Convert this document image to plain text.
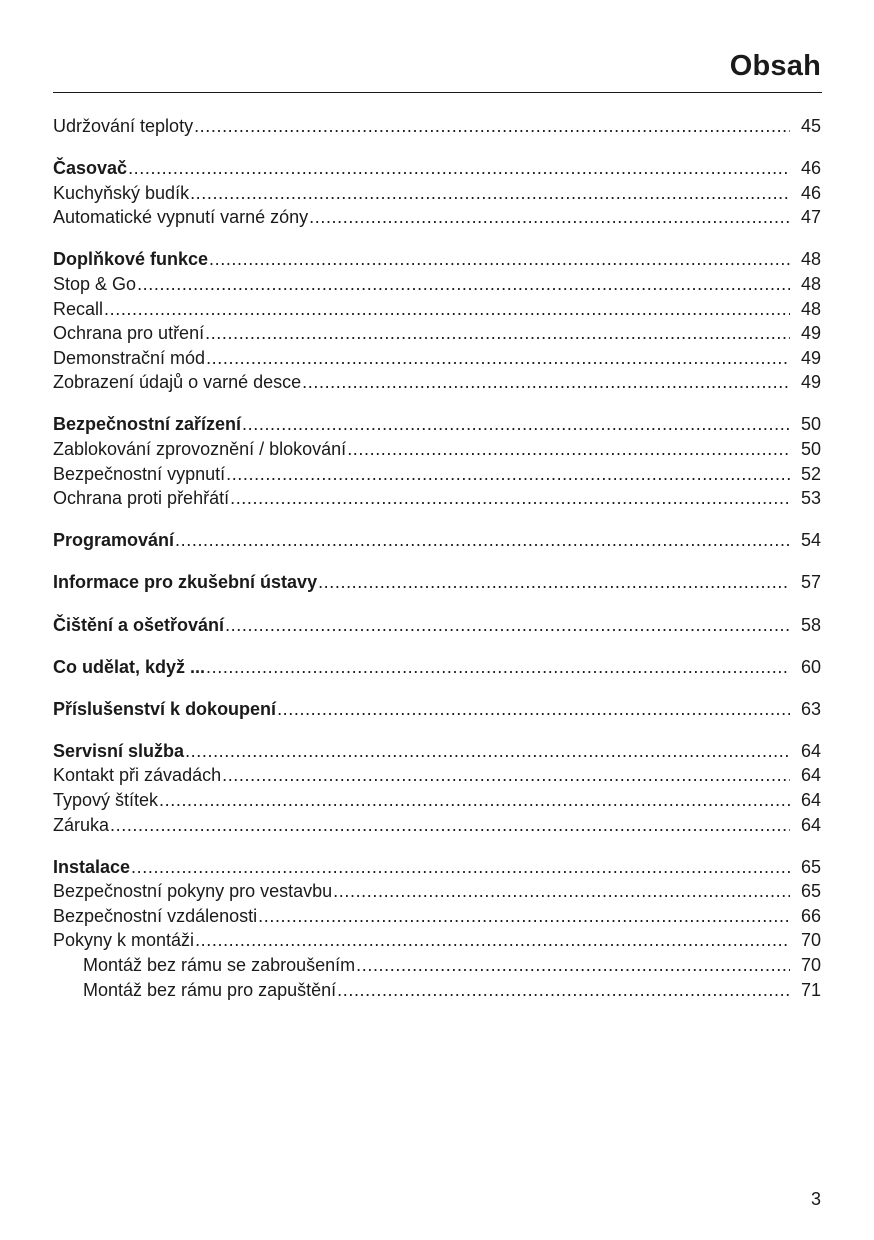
Obsah
Udržování teploty .....	45
Časovač .....	46
Kuchyňský budík .....	46
Automatické vypnutí varné zóny .....	47
Doplňkové funkce .....	48
Stop & Go .....	48
Recall .....	48
Ochrana pro utření .....	49
Demonstrační mód .....	49
Zobrazení údajů o varné desce .....	49
Bezpečnostní zařízení .....	50
Zablokování zprovoznění / blokování .....	50
Bezpečnostní vypnutí .....	52
Ochrana proti přehřátí .....	53
Programování .....	54
Informace pro zkušební ústavy .....	57
Čištění a ošetřování .....	58
Co udělat, když ... .....	60
Příslušenství k dokoupení .....	63
Servisní služba .....	64
Kontakt při závadách .....	64
Typový štítek .....	64
Záruka .....	64
Instalace .....	65
Bezpečnostní pokyny pro vestavbu .....	65
Bezpečnostní vzdálenosti .....	66
Pokyny k montáži .....	70
Montáž bez rámu se zabroušením .....	70
Montáž bez rámu pro zapuštění .....	71
3
